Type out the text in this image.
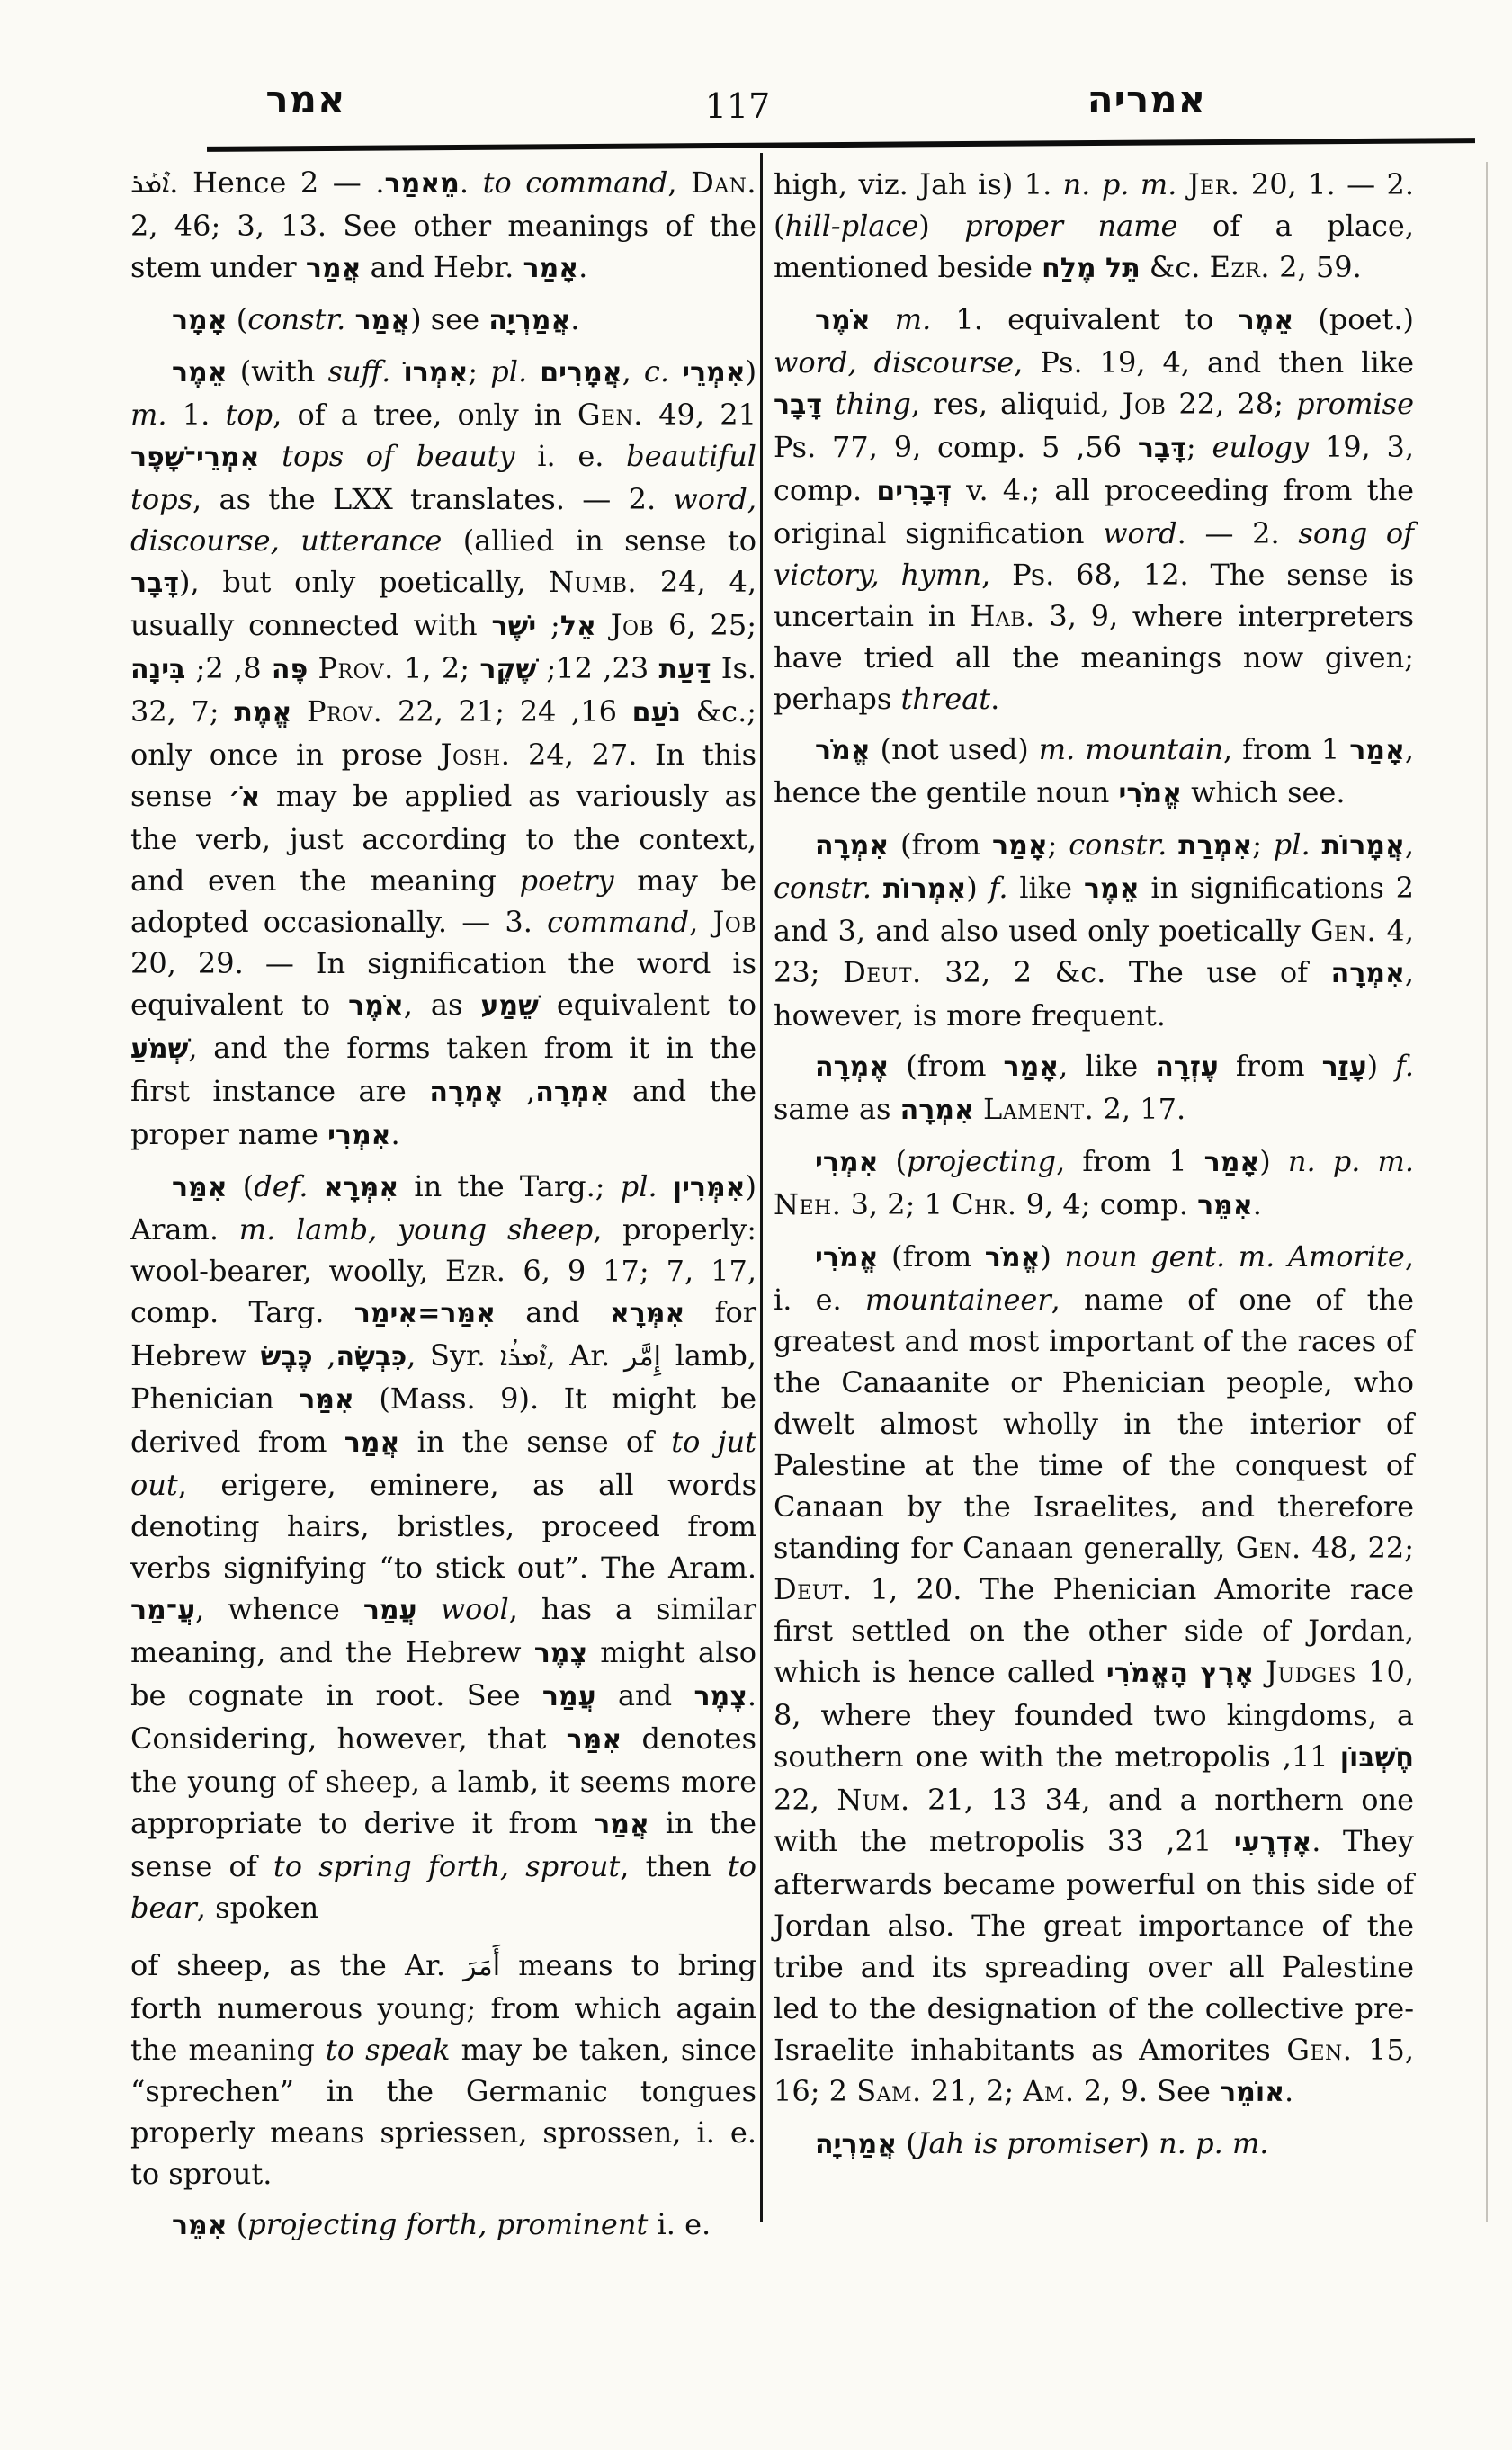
אמר	117	אמריה

ܐܶܡܰܪ. Hence	מֵאמַר. — 2. to command, Dan. 2, 46; 3, 13. See other meanings of the stem under אֲמַר and Hebr. אָמַר.

אָמָר (constr. אֲמַר) see אֲמַרְיָה.

אֵמֶר (with suff. אִמְרוֹ; pl. אֲמָרִים, c. אִמְרֵי) m. 1. top, of a tree, only in Gen. 49, 21 אִמְרֵי־שָׁפֶר tops of beauty i. e. beautiful tops, as the LXX translates. — 2. word, discourse, utterance (allied in sense to דָּבָר), but only poetically, Numb. 24, 4, usually connected with	אֵל; יֹשֶׁר	Job 6, 25; פֶּה 8, 2; בִּינָה	Prov. 1, 2;	דַּעַת 23, 12; שֶׁקֶר	Is. 32, 7; אֱמֶת Prov. 22, 21;	נֹעַם 16, 24 &c.; only once in prose Josh. 24, 27. In this sense אֹ׳ may be applied as variously as the verb, just according to the context, and even the meaning poetry may be adopted occasionally. — 3. command, Job 20, 29. — In signification the word is equivalent to אֹמֶר, as שֵׁמַע equivalent to שְׁמֹעַ, and the forms taken from it in the first instance are	אִמְרָה, אֶמְרָה	and the proper name אִמְרִי.

אִמַּר (def. אִמְּרָא in the Targ.; pl. אִמְּרִין) Aram. m. lamb, young sheep, properly: wool-bearer, woolly, Ezr. 6, 9 17; 7, 17, comp. Targ. אִמַּר=אִימַר and אִמְּרָא for Hebrew	כִּבְשָׂה, כֶּבֶשׂ	, Syr. ܐܶܡܪܳܐ, Ar. إِمَّر lamb, Phenician אִמַּר (Mass. 9). It might be derived from אֲמַר in the sense of to jut out, erigere, eminere, as all words denoting hairs, bristles, proceed from verbs signifying “to stick out”. The Aram. עֲ־מַר, whence עֲמַר wool, has a similar meaning, and the Hebrew צֶמֶר might also be cognate in root. See עֲמַר and צֶמֶר. Considering, however, that אִמַּר denotes the young of sheep, a lamb, it seems more appropriate to derive it from אֲמַר in the sense of to spring forth, sprout, then to bear, spoken

of sheep, as the Ar. أَمَرَ means to bring forth numerous young; from which again the meaning to speak may be taken, since “sprechen” in the Germanic tongues properly means spriessen, sprossen, i. e. to sprout.

אִמֵּר (projecting forth, prominent i. e.

high, viz. Jah is) 1. n. p. m. Jer. 20, 1. — 2. (hill-place) proper name of a place, mentioned beside תֵּל מֶלַח &c. Ezr. 2, 59.

אֹמֶר m. 1. equivalent to אֵמֶר (poet.) word, discourse, Ps. 19, 4, and then like דָּבָר thing, res, aliquid, Job 22, 28; promise Ps. 77, 9, comp.	דָּבָר 56, 5; eulogy 19, 3, comp. דְּבָרִים v. 4.; all proceeding from the original signification word. — 2. song of victory, hymn, Ps. 68, 12. The sense is uncertain in Hab. 3, 9, where interpreters have tried all the meanings now given; perhaps threat.

אֱמֹר (not used) m. mountain, from אָמַר 1, hence the gentile noun אֱמֹרִי which see.

אִמְרָה (from אָמַר; constr. אִמְרַת; pl. אֲמָרוֹת, constr. אִמְרוֹת) f. like אֵמֶר in significations 2 and 3, and also used only poetically Gen. 4, 23; Deut. 32, 2 &c. The use of אִמְרָה, however, is more frequent.

אֶמְרָה (from אָמַר, like עֶזְרָה from עָזַר) f. same as אִמְרָה Lament. 2, 17.

אִמְרִי (projecting, from אָמַר 1) n. p. m. Neh. 3, 2; 1 Chr. 9, 4; comp. אִמֵּר.

אֱמֹרִי (from אֱמֹר) noun gent. m. Amorite, i. e. mountaineer, name of one of the greatest and most important of the races of the Canaanite or Phenician people, who dwelt almost wholly in the interior of Palestine at the time of the conquest of Canaan by the Israelites, and therefore standing for Canaan generally, Gen. 48, 22; Deut. 1, 20. The Phenician Amorite race first settled on the other side of Jordan, which is hence called אֶרֶץ הָאֱמֹרִי Judges 10, 8, where they founded two kingdoms, a southern one with the metropolis חֶשְׁבּוֹן 11, 22, Num. 21, 13 34, and a northern one with the metropolis	אֶדְרֶעִי 21, 33. They afterwards became powerful on this side of Jordan also. The great importance of the tribe and its spreading over all Palestine led to the designation of the collective pre-Israelite inhabitants as Amorites Gen. 15, 16; 2 Sam. 21, 2; Am. 2, 9. See אוֹמֵר.

אֲמַרְיָה (Jah is promiser) n. p. m.
